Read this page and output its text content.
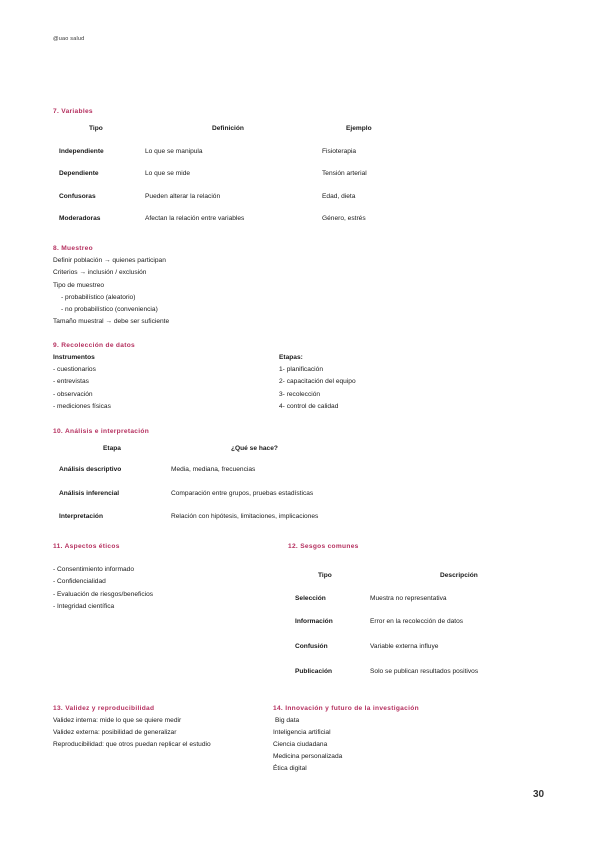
@uao salud
7. Variables
Tipo	Definición	Ejemplo
Independiente	Lo que se manipula	Fisioterapia
Dependiente	Lo que se mide	Tensión arterial
Confusoras	Pueden alterar la relación	Edad, dieta
Moderadoras	Afectan la relación entre variables	Género, estrés
8. Muestreo
Definir población → quienes participan
Criterios → inclusión / exclusión
Tipo de muestreo
- probabilístico (aleatorio)
- no probabilístico (conveniencia)
Tamaño muestral → debe ser suficiente
9. Recolección de datos
Instrumentos
- cuestionarios
- entrevistas
- observación
- mediciones físicas
Etapas:
1- planificación
2- capacitación del equipo
3- recolección
4- control de calidad
10. Análisis e interpretación
Etapa	¿Qué se hace?
Análisis descriptivo	Media, mediana, frecuencias
Análisis inferencial	Comparación entre grupos, pruebas estadísticas
Interpretación	Relación con hipótesis, limitaciones, implicaciones
11. Aspectos éticos
- Consentimiento informado
- Confidencialidad
- Evaluación de riesgos/beneficios
- Integridad científica
12. Sesgos comunes
Tipo	Descripción
Selección	Muestra no representativa
Información	Error en la recolección de datos
Confusión	Variable externa influye
Publicación	Solo se publican resultados positivos
13. Validez y reproducibilidad
Validez interna: mide lo que se quiere medir
Validez externa: posibilidad de generalizar
Reproducibilidad: que otros puedan replicar el estudio
14. Innovación y futuro de la investigación
Big data
Inteligencia artificial
Ciencia ciudadana
Medicina personalizada
Ética digital
30
